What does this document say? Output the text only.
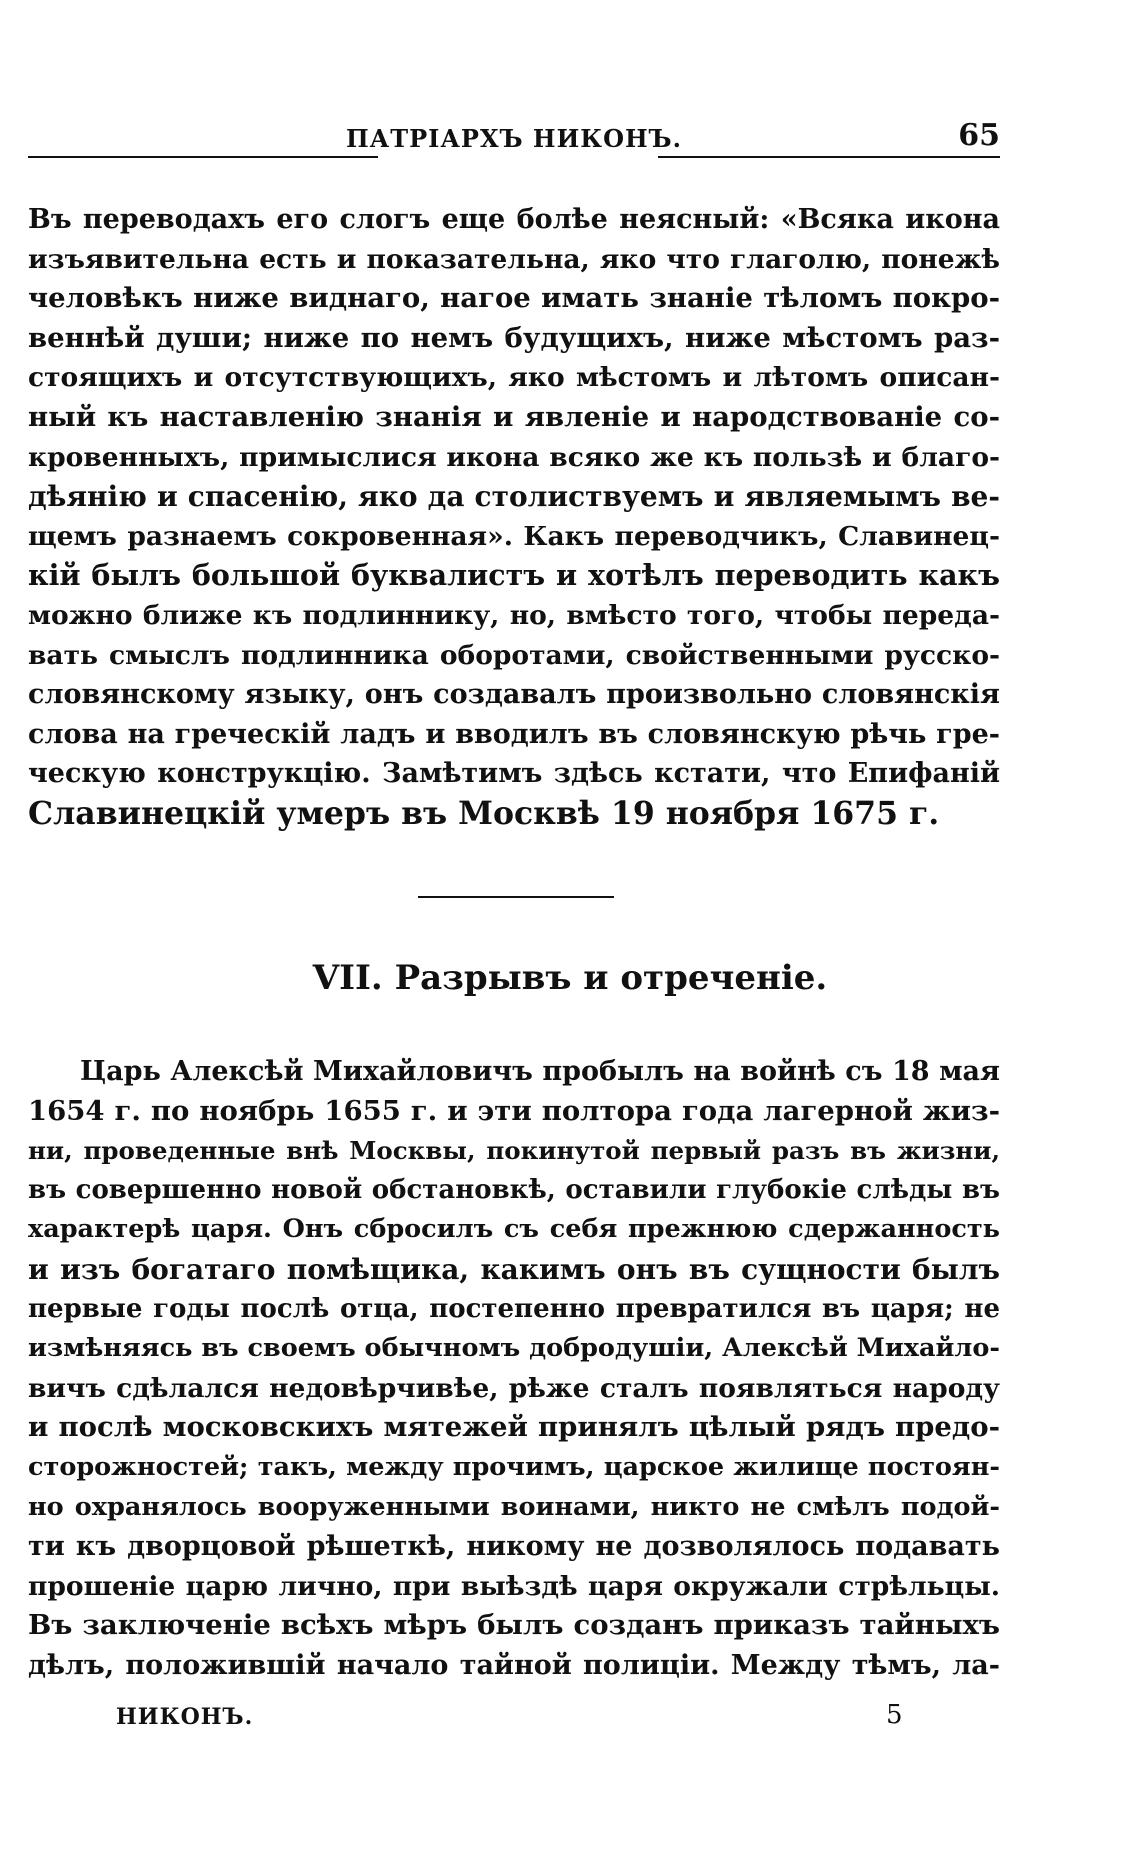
ПАТРІАРХЪ НИКОНЪ.	65
Въ переводахъ его слогъ еще болѣе неясный: «Всяка икона
изъявительна есть и показательна, яко что глаголю, понежѣ
человѣкъ ниже виднаго, нагое имать знаніе тѣломъ покро-
веннѣй души; ниже по немъ будущихъ, ниже мѣстомъ раз-
стоящихъ и отсутствующихъ, яко мѣстомъ и лѣтомъ описан-
ный къ наставленію знанія и явленіе и народствованіе со-
кровенныхъ, примыслися икона всяко же къ пользѣ и благо-
дѣянію и спасенію, яко да столиствуемъ и являемымъ ве-
щемъ разнаемъ сокровенная». Какъ переводчикъ, Славинец-
кій былъ большой буквалистъ и хотѣлъ переводить какъ
можно ближе къ подлиннику, но, вмѣсто того, чтобы переда-
вать смыслъ подлинника оборотами, свойственными русско-
словянскому языку, онъ создавалъ произвольно словянскія
слова на греческій ладъ и вводилъ въ словянскую рѣчь гре-
ческую конструкцію. Замѣтимъ здѣсь кстати, что Епифаній
Славинецкій умеръ въ Москвѣ 19 ноября 1675 г.
VII. Разрывъ и отреченіе.
Царь Алексѣй Михайловичъ пробылъ на войнѣ съ 18 мая
1654 г. по ноябрь 1655 г. и эти полтора года лагерной жиз-
ни, проведенные внѣ Москвы, покинутой первый разъ въ жизни,
въ совершенно новой обстановкѣ, оставили глубокіе слѣды въ
характерѣ царя. Онъ сбросилъ съ себя прежнюю сдержанность
и изъ богатаго помѣщика, какимъ онъ въ сущности былъ
первые годы послѣ отца, постепенно превратился въ царя; не
измѣняясь въ своемъ обычномъ добродушіи, Алексѣй Михайло-
вичъ сдѣлался недовѣрчивѣе, рѣже сталъ появляться народу
и послѣ московскихъ мятежей принялъ цѣлый рядъ предо-
сторожностей; такъ, между прочимъ, царское жилище постоян-
но охранялось вооруженными воинами, никто не смѣлъ подой-
ти къ дворцовой рѣшеткѣ, никому не дозволялось подавать
прошеніе царю лично, при выѣздѣ царя окружали стрѣльцы.
Въ заключеніе всѣхъ мѣръ былъ созданъ приказъ тайныхъ
дѣлъ, положившій начало тайной полиціи. Между тѣмъ, ла-
НИКОНЪ.	5
